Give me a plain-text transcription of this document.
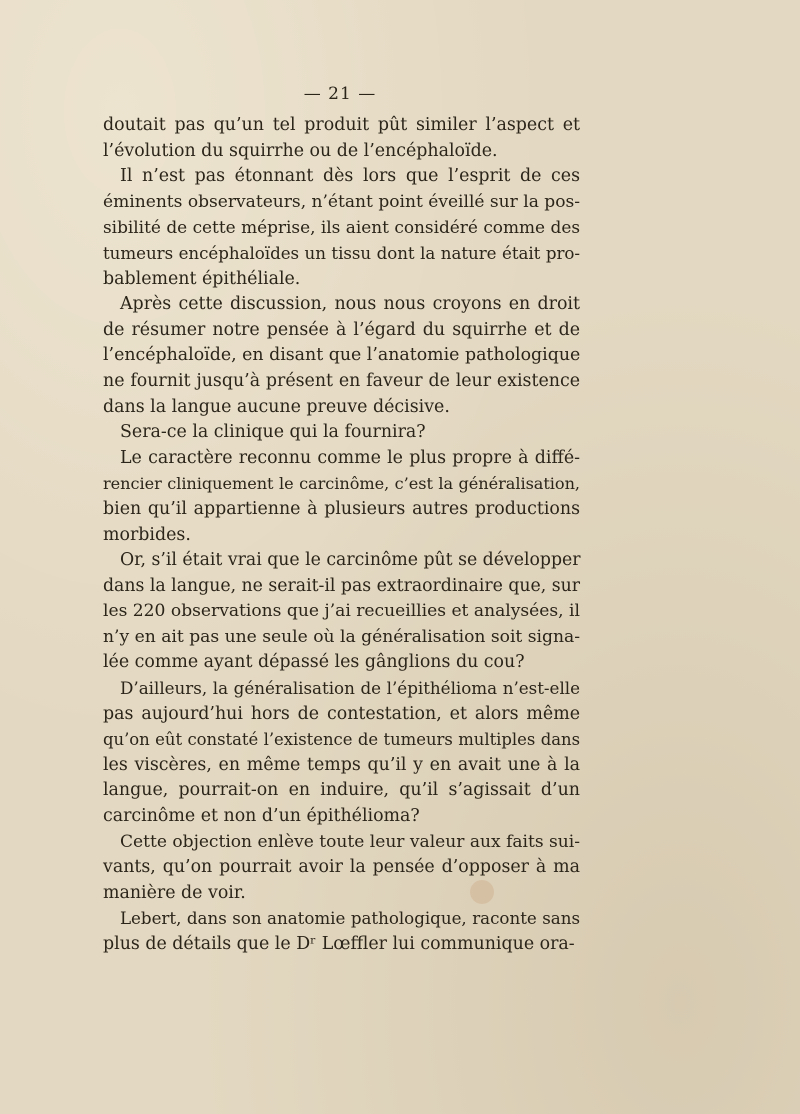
— 21 —

doutait pas qu’un tel produit pût similer l’aspect et
l’évolution du squirrhe ou de l’encéphaloïde.

Il n’est pas étonnant dès lors que l’esprit de ces
éminents observateurs, n’étant point éveillé sur la pos-
sibilité de cette méprise, ils aient considéré comme des
tumeurs encéphaloïdes un tissu dont la nature était pro-
bablement épithéliale.

Après cette discussion, nous nous croyons en droit
de résumer notre pensée à l’égard du squirrhe et de
l’encéphaloïde, en disant que l’anatomie pathologique
ne fournit jusqu’à présent en faveur de leur existence
dans la langue aucune preuve décisive.

Sera-ce la clinique qui la fournira?

Le caractère reconnu comme le plus propre à diffé-
rencier cliniquement le carcinôme, c’est la généralisation,
bien qu’il appartienne à plusieurs autres productions
morbides.

Or, s’il était vrai que le carcinôme pût se développer
dans la langue, ne serait-il pas extraordinaire que, sur
les 220 observations que j’ai recueillies et analysées, il
n’y en ait pas une seule où la généralisation soit signa-
lée comme ayant dépassé les gânglions du cou?

D’ailleurs, la généralisation de l’épithélioma n’est-elle
pas aujourd’hui hors de contestation, et alors même
qu’on eût constaté l’existence de tumeurs multiples dans
les viscères, en même temps qu’il y en avait une à la
langue, pourrait-on en induire, qu’il s’agissait d’un
carcinôme et non d’un épithélioma?

Cette objection enlève toute leur valeur aux faits sui-
vants, qu’on pourrait avoir la pensée d’opposer à ma
manière de voir.

Lebert, dans son anatomie pathologique, raconte sans
plus de détails que le Dʳ Lœffler lui communique ora-
